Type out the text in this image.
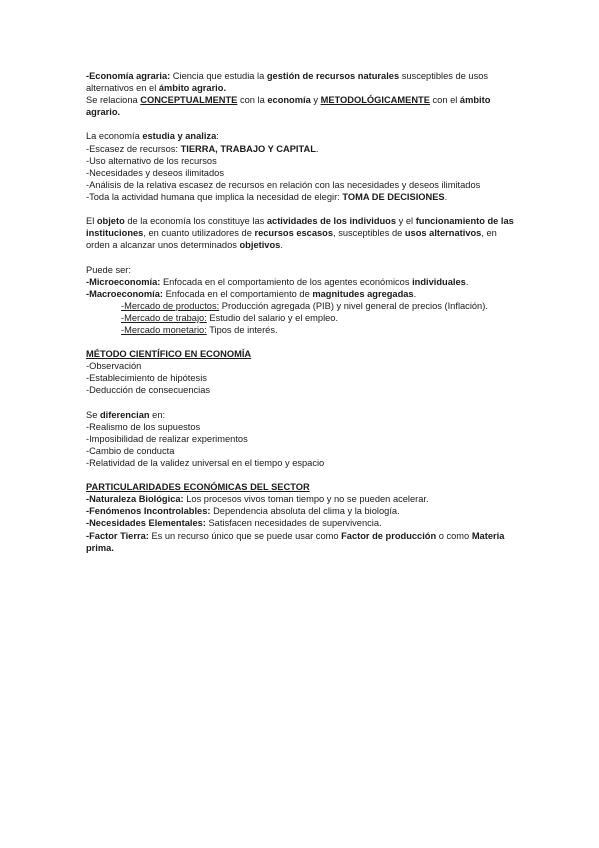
-Economía agraria: Ciencia que estudia la gestión de recursos naturales susceptibles de usos alternativos en el ámbito agrario.

Se relaciona CONCEPTUALMENTE con la economía y METODOLÓGICAMENTE con el ámbito agrario.

La economía estudia y analiza:

-Escasez de recursos: TIERRA, TRABAJO Y CAPITAL.

-Uso alternativo de los recursos

-Necesidades y deseos ilimitados

-Análisis de la relativa escasez de recursos en relación con las necesidades y deseos ilimitados

-Toda la actividad humana que implica la necesidad de elegir: TOMA DE DECISIONES.

El objeto de la economía los constituye las actividades de los individuos y el funcionamiento de las instituciones, en cuanto utilizadores de recursos escasos, susceptibles de usos alternativos, en orden a alcanzar unos determinados objetivos.

Puede ser:

-Microeconomía: Enfocada en el comportamiento de los agentes económicos individuales.

-Macroeconomía: Enfocada en el comportamiento de magnitudes agregadas.

-Mercado de productos: Producción agregada (PIB) y nivel general de precios (Inflación).

-Mercado de trabajo: Estudio del salario y el empleo.

-Mercado monetario: Tipos de interés.

MÉTODO CIENTÍFICO EN ECONOMÍA

-Observación

-Establecimiento de hipótesis

-Deducción de consecuencias

Se diferencian en:

-Realismo de los supuestos

-Imposibilidad de realizar experimentos

-Cambio de conducta

-Relatividad de la validez universal en el tiempo y espacio

PARTICULARIDADES ECONÓMICAS DEL SECTOR

-Naturaleza Biológica: Los procesos vivos toman tiempo y no se pueden acelerar.

-Fenómenos Incontrolables: Dependencia absoluta del clima y la biología.

-Necesidades Elementales: Satisfacen necesidades de supervivencia.

-Factor Tierra: Es un recurso único que se puede usar como Factor de producción o como Materia prima.
